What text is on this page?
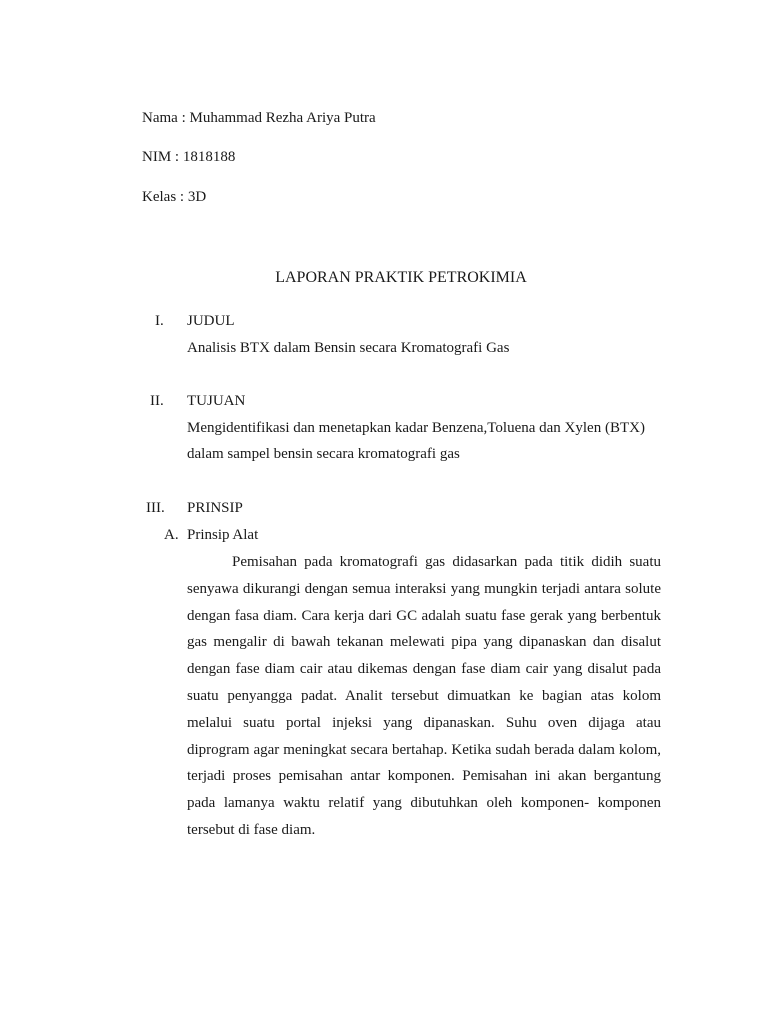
Nama : Muhammad Rezha Ariya Putra
NIM : 1818188
Kelas : 3D
LAPORAN PRAKTIK PETROKIMIA
I.	JUDUL
Analisis BTX dalam Bensin secara Kromatografi Gas
II.	TUJUAN
Mengidentifikasi dan menetapkan kadar Benzena,Toluena dan Xylen (BTX)
dalam sampel bensin secara kromatografi gas
III.	PRINSIP
A. Prinsip Alat
Pemisahan pada kromatografi gas didasarkan pada titik didih suatu
senyawa dikurangi dengan semua interaksi yang mungkin terjadi antara solute
dengan fasa diam. Cara kerja dari GC adalah suatu fase gerak yang berbentuk
gas mengalir di bawah tekanan melewati pipa yang dipanaskan dan disalut
dengan fase diam cair atau dikemas dengan fase diam cair yang disalut pada
suatu penyangga padat. Analit tersebut dimuatkan ke bagian atas kolom
melalui suatu portal injeksi yang dipanaskan. Suhu oven dijaga atau
diprogram agar meningkat secara bertahap. Ketika sudah berada dalam kolom,
terjadi proses pemisahan antar komponen. Pemisahan ini akan bergantung
pada lamanya waktu relatif yang dibutuhkan oleh komponen- komponen
tersebut di fase diam.
